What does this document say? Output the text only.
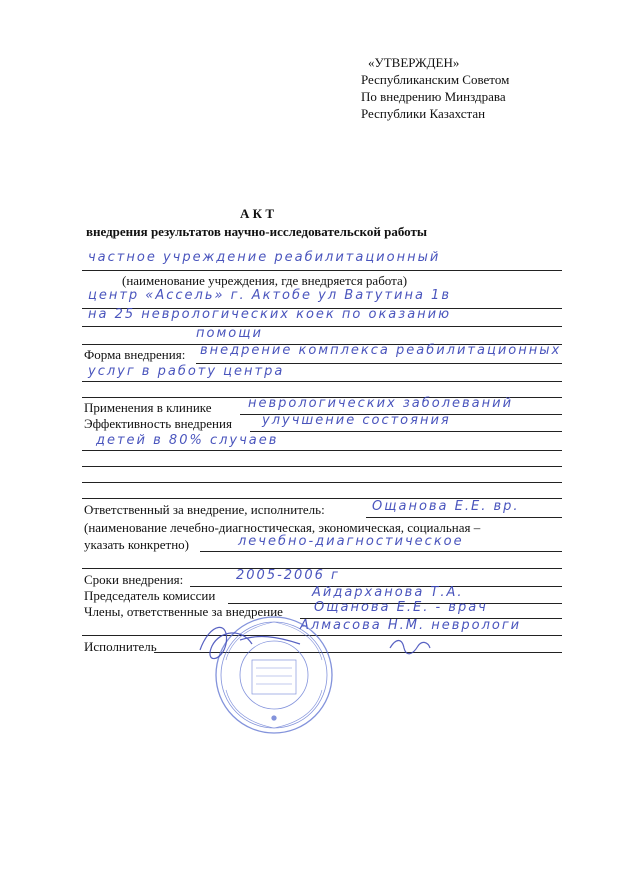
«УТВЕРЖДЕН»
Республиканским Советом
По внедрению Минздрава
Республики Казахстан
А К Т
внедрения результатов научно-исследовательской работы
частное учреждение реабилитационный
(наименование учреждения, где внедряется работа)
центр «Ассель» г. Актобе ул Ватутина 1в
на 25 неврологических коек по оказанию
помощи
Форма внедрения: внедрение комплекса реабилитационных
услуг в работу центра
Применения в клинике	неврологических заболеваний
Эффективность внедрения улучшение состояния
детей в 80% случаев
Ответственный за внедрение, исполнитель:	Ощанова Е.Е. вр.
(наименование лечебно-диагностическая, экономическая, социальная –
указать конкретно)	лечебно-диагностическое
Сроки внедрения:	2005-2006 г
Председатель комиссии	Айдарханова Т.А.
Члены, ответственные за внедрение Ощанова Е.Е. - врач
Алмасова Н.М. неврологи
Исполнитель
